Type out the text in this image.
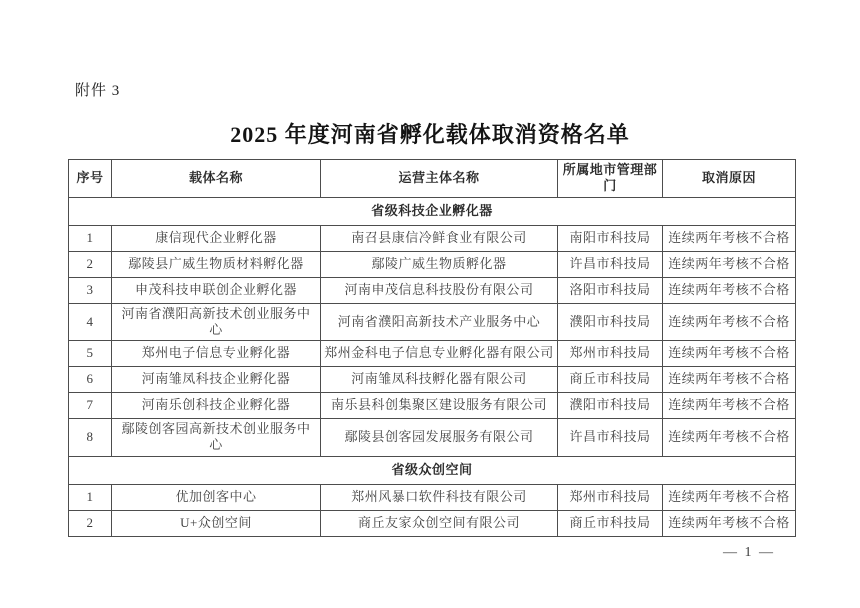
附件 3
2025 年度河南省孵化载体取消资格名单
序号	载体名称	运营主体名称	所属地市管理部门	取消原因
省级科技企业孵化器				
1	康信现代企业孵化器	南召县康信冷鲜食业有限公司	南阳市科技局	连续两年考核不合格
2	鄢陵县广威生物质材料孵化器	鄢陵广威生物质孵化器	许昌市科技局	连续两年考核不合格
3	申茂科技申联创企业孵化器	河南申茂信息科技股份有限公司	洛阳市科技局	连续两年考核不合格
4	河南省濮阳高新技术创业服务中心	河南省濮阳高新技术产业服务中心	濮阳市科技局	连续两年考核不合格
5	郑州电子信息专业孵化器	郑州金科电子信息专业孵化器有限公司	郑州市科技局	连续两年考核不合格
6	河南雏凤科技企业孵化器	河南雏凤科技孵化器有限公司	商丘市科技局	连续两年考核不合格
7	河南乐创科技企业孵化器	南乐县科创集聚区建设服务有限公司	濮阳市科技局	连续两年考核不合格
8	鄢陵创客园高新技术创业服务中心	鄢陵县创客园发展服务有限公司	许昌市科技局	连续两年考核不合格
省级众创空间				
1	优加创客中心	郑州风暴口软件科技有限公司	郑州市科技局	连续两年考核不合格
2	U+众创空间	商丘友家众创空间有限公司	商丘市科技局	连续两年考核不合格
— 1 —
